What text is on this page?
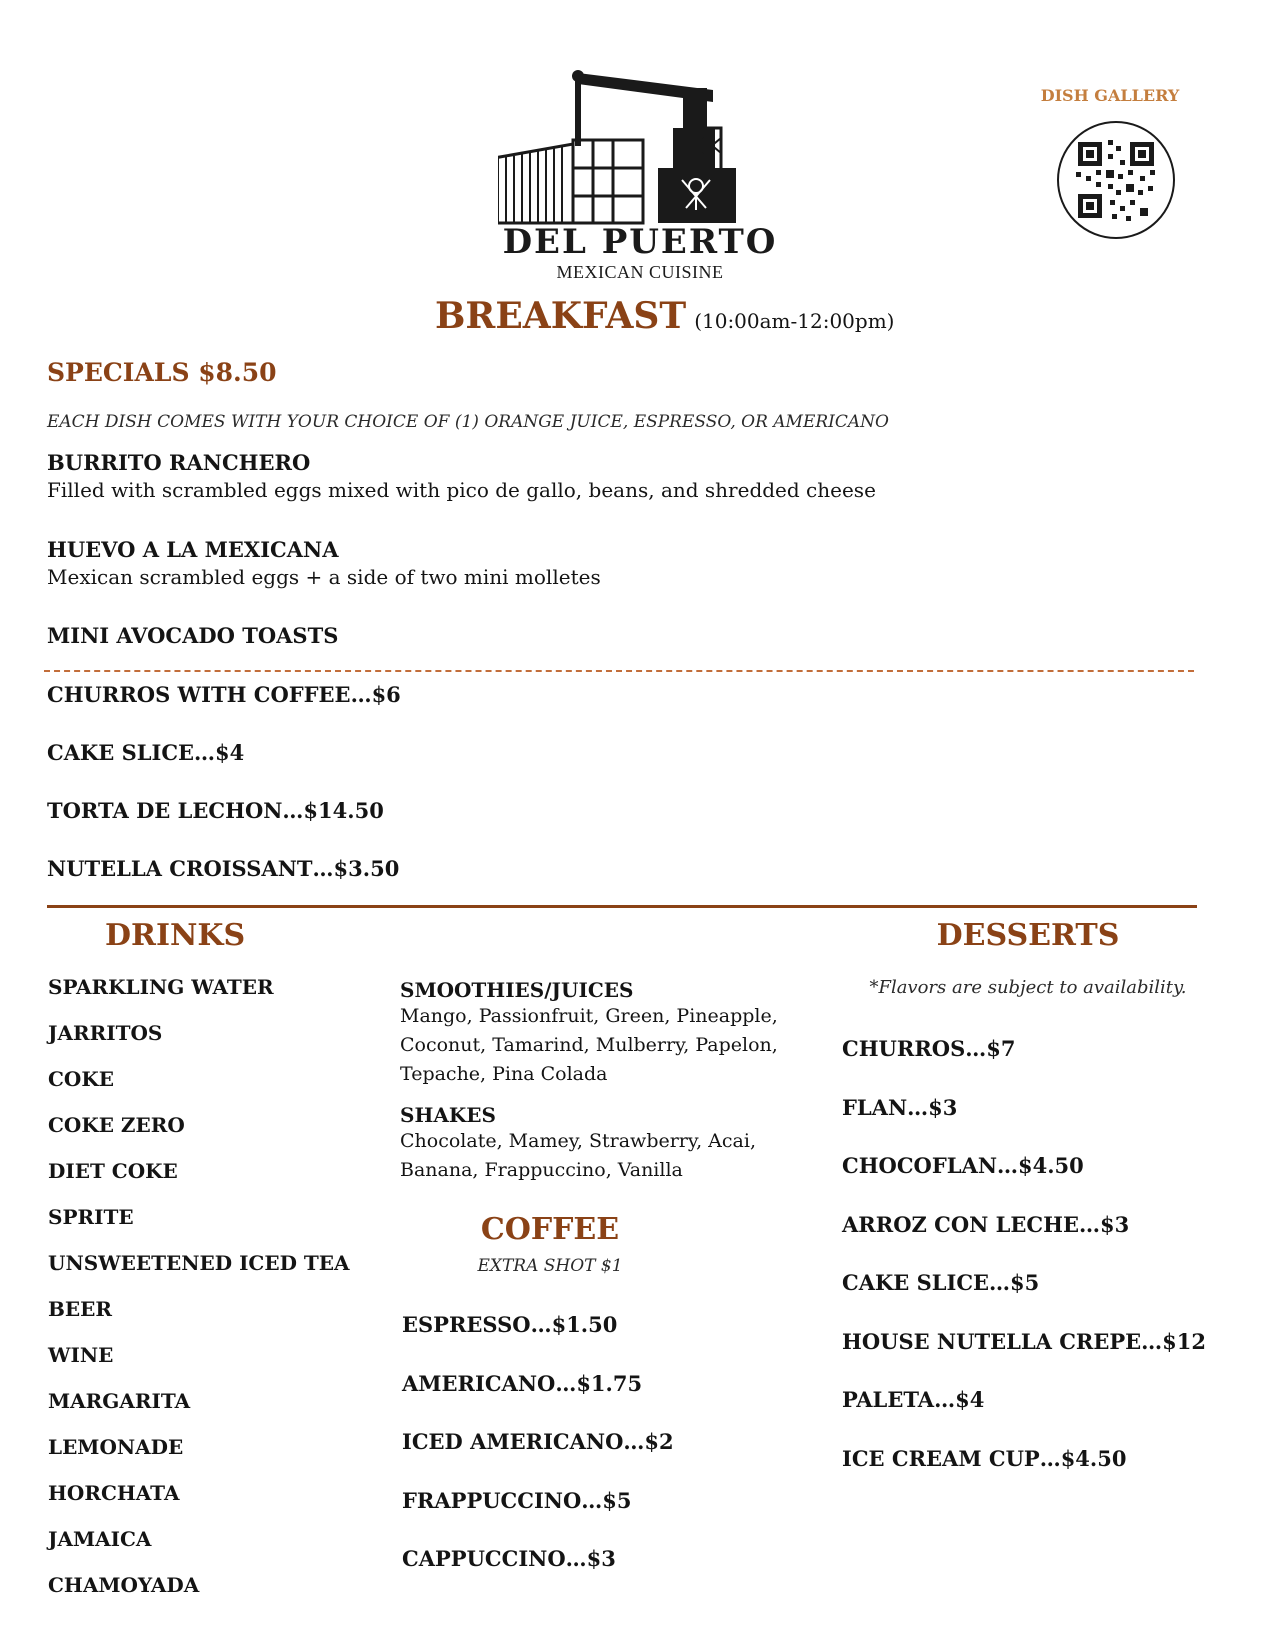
DEL PUERTO
MEXICAN CUISINE
DISH GALLERY
BREAKFAST (10:00am-12:00pm)
SPECIALS $8.50
EACH DISH COMES WITH YOUR CHOICE OF (1) ORANGE JUICE, ESPRESSO, OR AMERICANO
BURRITO RANCHERO
Filled with scrambled eggs mixed with pico de gallo, beans, and shredded cheese
HUEVO A LA MEXICANA
Mexican scrambled eggs + a side of two mini molletes
MINI AVOCADO TOASTS
CHURROS WITH COFFEE…$6
CAKE SLICE…$4
TORTA DE LECHON…$14.50
NUTELLA CROISSANT…$3.50
DRINKS
SPARKLING WATER
JARRITOS
COKE
COKE ZERO
DIET COKE
SPRITE
UNSWEETENED ICED TEA
BEER
WINE
MARGARITA
LEMONADE
HORCHATA
JAMAICA
CHAMOYADA
SMOOTHIES/JUICES
Mango, Passionfruit, Green, Pineapple,
Coconut, Tamarind, Mulberry, Papelon,
Tepache, Pina Colada
SHAKES
Chocolate, Mamey, Strawberry, Acai,
Banana, Frappuccino, Vanilla
COFFEE
EXTRA SHOT $1
ESPRESSO…$1.50
AMERICANO…$1.75
ICED AMERICANO…$2
FRAPPUCCINO…$5
CAPPUCCINO…$3
DESSERTS
*Flavors are subject to availability.
CHURROS…$7
FLAN…$3
CHOCOFLAN…$4.50
ARROZ CON LECHE…$3
CAKE SLICE…$5
HOUSE NUTELLA CREPE…$12
PALETA…$4
ICE CREAM CUP…$4.50
